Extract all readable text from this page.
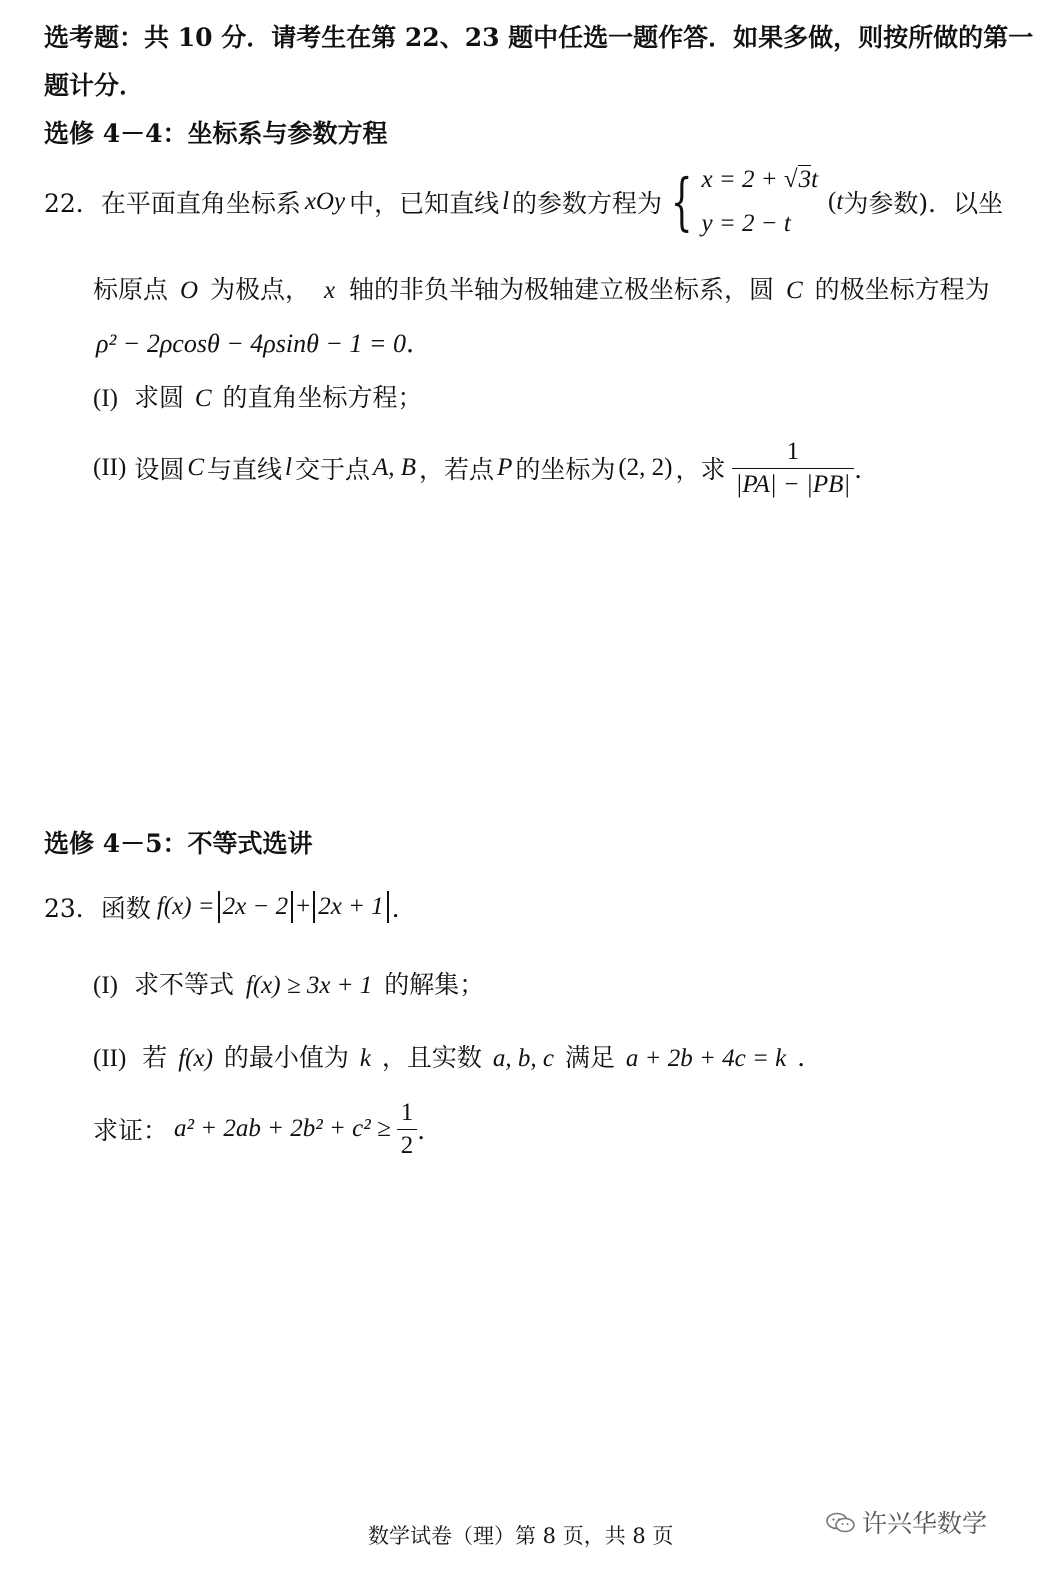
选考题：共 10 分．请考生在第 22、23 题中任选一题作答．如果多做，则按所做的第一
题计分．
选修 4－4：坐标系与参数方程
22． 在平面直角坐标系 xOy 中，已知直线 l 的参数方程为 { x = 2 + √3t
y = 2 − t
( t 为参数)．以坐
标原点 O 为极点， x 轴的非负半轴为极轴建立极坐标系，圆 C 的极坐标方程为
ρ² − 2ρcosθ − 4ρsinθ − 1 = 0．
(I) 求圆 C 的直角坐标方程；
(II) 设圆 C 与直线 l 交于点 A, B ，若点 P 的坐标为 (2, 2) ，求 $\frac{1}{|PA| - |PB|}$ ．
选修 4－5：不等式选讲
23． 函数 f(x) = 2x − 2 + 2x + 1 ．
(I) 求不等式 f(x) ≥ 3x + 1 的解集；
(II) 若 f(x) 的最小值为 k ，且实数 a, b, c 满足 a + 2b + 4c = k ．
求证： $a^2 + 2ab + 2b^2 + c^2 \ge \frac{1}{2}$ ．
数学试卷（理）第 8 页，共 8 页	许兴华数学
